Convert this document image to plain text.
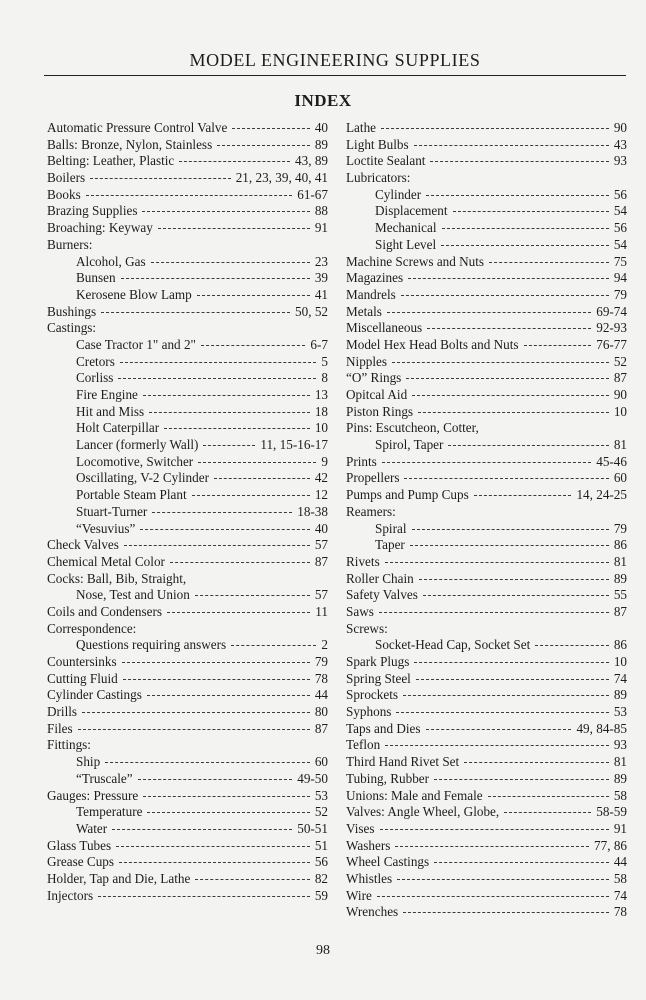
MODEL ENGINEERING SUPPLIES
INDEX
Automatic Pressure Control Valve	40
Balls: Bronze, Nylon, Stainless	89
Belting: Leather, Plastic	43, 89
Boilers	21, 23, 39, 40, 41
Books	61-67
Brazing Supplies	88
Broaching: Keyway	91
Burners:
Alcohol, Gas	23
Bunsen	39
Kerosene Blow Lamp	41
Bushings	50, 52
Castings:
Case Tractor 1" and 2"	6-7
Cretors	5
Corliss	8
Fire Engine	13
Hit and Miss	18
Holt Caterpillar	10
Lancer (formerly Wall)	11, 15-16-17
Locomotive, Switcher	9
Oscillating, V-2 Cylinder	42
Portable Steam Plant	12
Stuart-Turner	18-38
“Vesuvius”	40
Check Valves	57
Chemical Metal Color	87
Cocks: Ball, Bib, Straight,
Nose, Test and Union	57
Coils and Condensers	11
Correspondence:
Questions requiring answers	2
Countersinks	79
Cutting Fluid	78
Cylinder Castings	44
Drills	80
Files	87
Fittings:
Ship	60
“Truscale”	49-50
Gauges: Pressure	53
Temperature	52
Water	50-51
Glass Tubes	51
Grease Cups	56
Holder, Tap and Die, Lathe	82
Injectors	59
Lathe	90
Light Bulbs	43
Loctite Sealant	93
Lubricators:
Cylinder	56
Displacement	54
Mechanical	56
Sight Level	54
Machine Screws and Nuts	75
Magazines	94
Mandrels	79
Metals	69-74
Miscellaneous	92-93
Model Hex Head Bolts and Nuts	76-77
Nipples	52
“O” Rings	87
Opitcal Aid	90
Piston Rings	10
Pins: Escutcheon, Cotter,
Spirol, Taper	81
Prints	45-46
Propellers	60
Pumps and Pump Cups	14, 24-25
Reamers:
Spiral	79
Taper	86
Rivets	81
Roller Chain	89
Safety Valves	55
Saws	87
Screws:
Socket-Head Cap, Socket Set	86
Spark Plugs	10
Spring Steel	74
Sprockets	89
Syphons	53
Taps and Dies	49, 84-85
Teflon	93
Third Hand Rivet Set	81
Tubing, Rubber	89
Unions: Male and Female	58
Valves: Angle Wheel, Globe,	58-59
Vises	91
Washers	77, 86
Wheel Castings	44
Whistles	58
Wire	74
Wrenches	78
98
